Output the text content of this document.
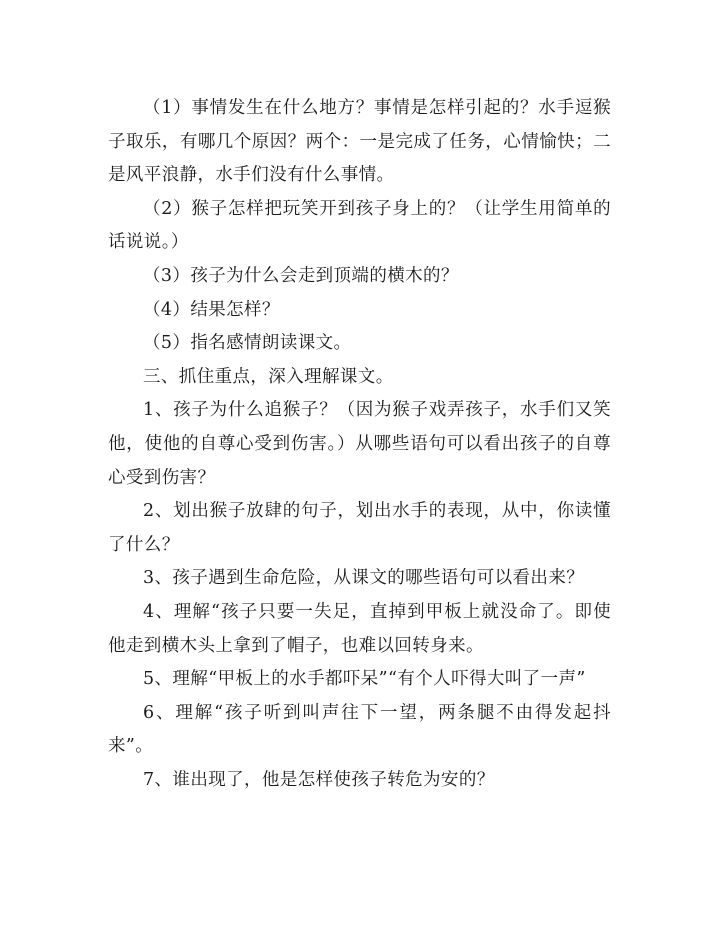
（1）事情发生在什么地方？事情是怎样引起的？水手逗猴子取乐，有哪几个原因？两个：一是完成了任务，心情愉快；二是风平浪静，水手们没有什么事情。

（2）猴子怎样把玩笑开到孩子身上的？（让学生用简单的话说说。）

（3）孩子为什么会走到顶端的横木的？

（4）结果怎样？

（5）指名感情朗读课文。

三、抓住重点，深入理解课文。

1、孩子为什么追猴子？（因为猴子戏弄孩子，水手们又笑他，使他的自尊心受到伤害。）从哪些语句可以看出孩子的自尊心受到伤害？

2、划出猴子放肆的句子，划出水手的表现，从中，你读懂了什么？

3、孩子遇到生命危险，从课文的哪些语句可以看出来？

4、理解“孩子只要一失足，直掉到甲板上就没命了。即使他走到横木头上拿到了帽子，也难以回转身来。

5、理解“甲板上的水手都吓呆”“有个人吓得大叫了一声”

6、理解“孩子听到叫声往下一望，两条腿不由得发起抖来”。

7、谁出现了，他是怎样使孩子转危为安的？
